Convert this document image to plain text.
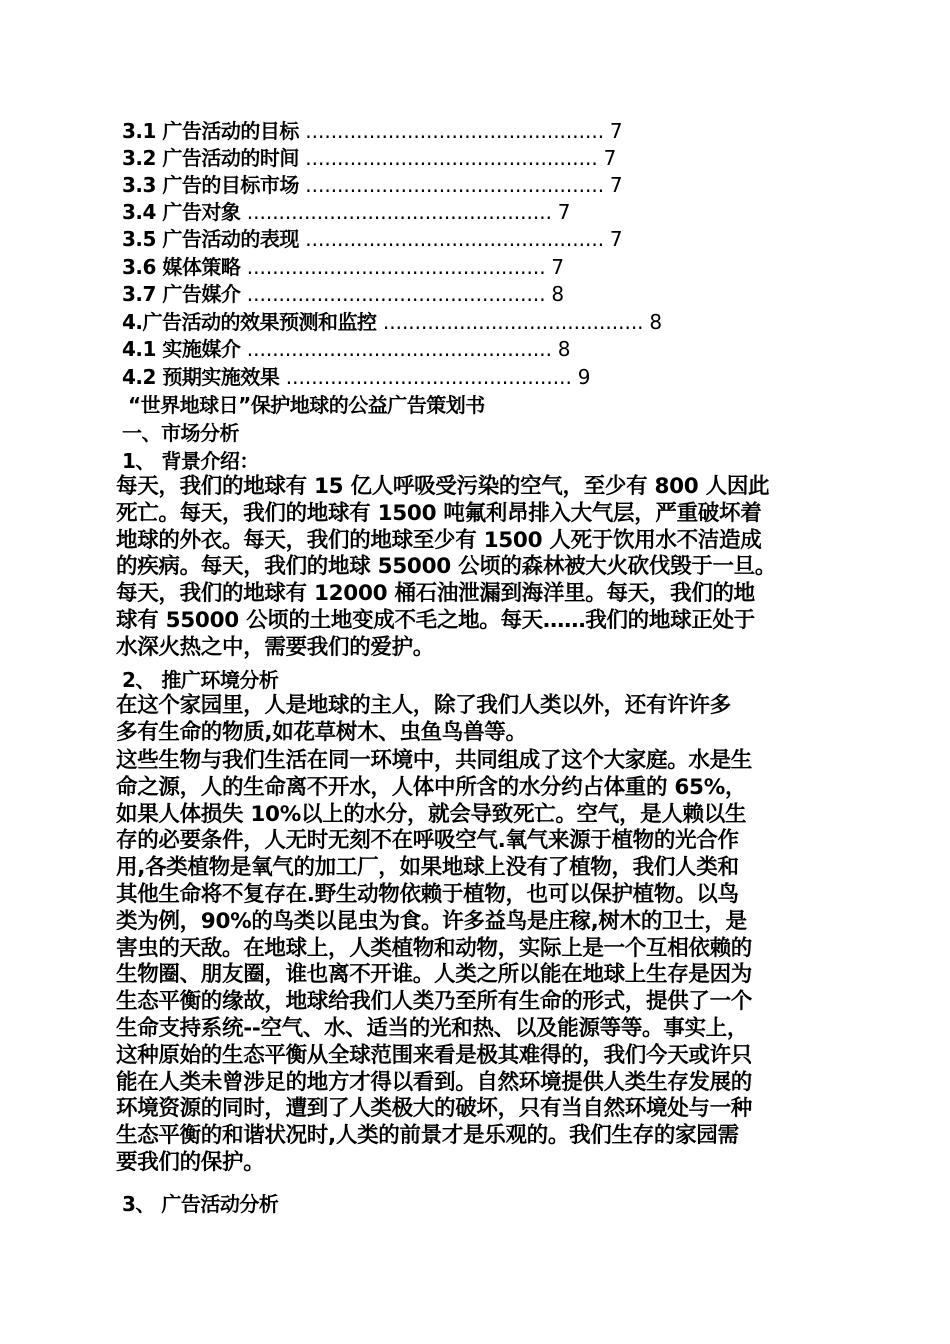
3.1 广告活动的目标 ............................................... 7
3.2 广告活动的时间 .............................................. 7
3.3 广告的目标市场 ............................................... 7
3.4 广告对象 ................................................ 7
3.5 广告活动的表现 ............................................... 7
3.6 媒体策略 ............................................... 7
3.7 广告媒介 ............................................... 8
4.广告活动的效果预测和监控 ......................................... 8
4.1 实施媒介 ................................................ 8
4.2 预期实施效果 ............................................. 9
“世界地球日”保护地球的公益广告策划书
一、市场分析
1、 背景介绍：
每天，我们的地球有 15 亿人呼吸受污染的空气，至少有 800 人因此
死亡。每天，我们的地球有 1500 吨氟利昂排入大气层，严重破坏着
地球的外衣。每天，我们的地球至少有 1500 人死于饮用水不洁造成
的疾病。每天，我们的地球 55000 公顷的森林被大火砍伐毁于一旦。
每天，我们的地球有 12000 桶石油泄漏到海洋里。每天，我们的地
球有 55000 公顷的土地变成不毛之地。每天……我们的地球正处于
水深火热之中，需要我们的爱护。
2、 推广环境分析
在这个家园里，人是地球的主人，除了我们人类以外，还有许许多
多有生命的物质,如花草树木、虫鱼鸟兽等。
这些生物与我们生活在同一环境中，共同组成了这个大家庭。水是生
命之源，人的生命离不开水，人体中所含的水分约占体重的 65%，
如果人体损失 10%以上的水分，就会导致死亡。空气，是人赖以生
存的必要条件，人无时无刻不在呼吸空气.氧气来源于植物的光合作
用,各类植物是氧气的加工厂，如果地球上没有了植物，我们人类和
其他生命将不复存在.野生动物依赖于植物，也可以保护植物。以鸟
类为例，90%的鸟类以昆虫为食。许多益鸟是庄稼,树木的卫士，是
害虫的天敌。在地球上，人类植物和动物，实际上是一个互相依赖的
生物圈、朋友圈，谁也离不开谁。人类之所以能在地球上生存是因为
生态平衡的缘故，地球给我们人类乃至所有生命的形式，提供了一个
生命支持系统--空气、水、适当的光和热、以及能源等等。事实上，
这种原始的生态平衡从全球范围来看是极其难得的，我们今天或许只
能在人类未曾涉足的地方才得以看到。自然环境提供人类生存发展的
环境资源的同时，遭到了人类极大的破坏，只有当自然环境处与一种
生态平衡的和谐状况时,人类的前景才是乐观的。我们生存的家园需
要我们的保护。
3、 广告活动分析
